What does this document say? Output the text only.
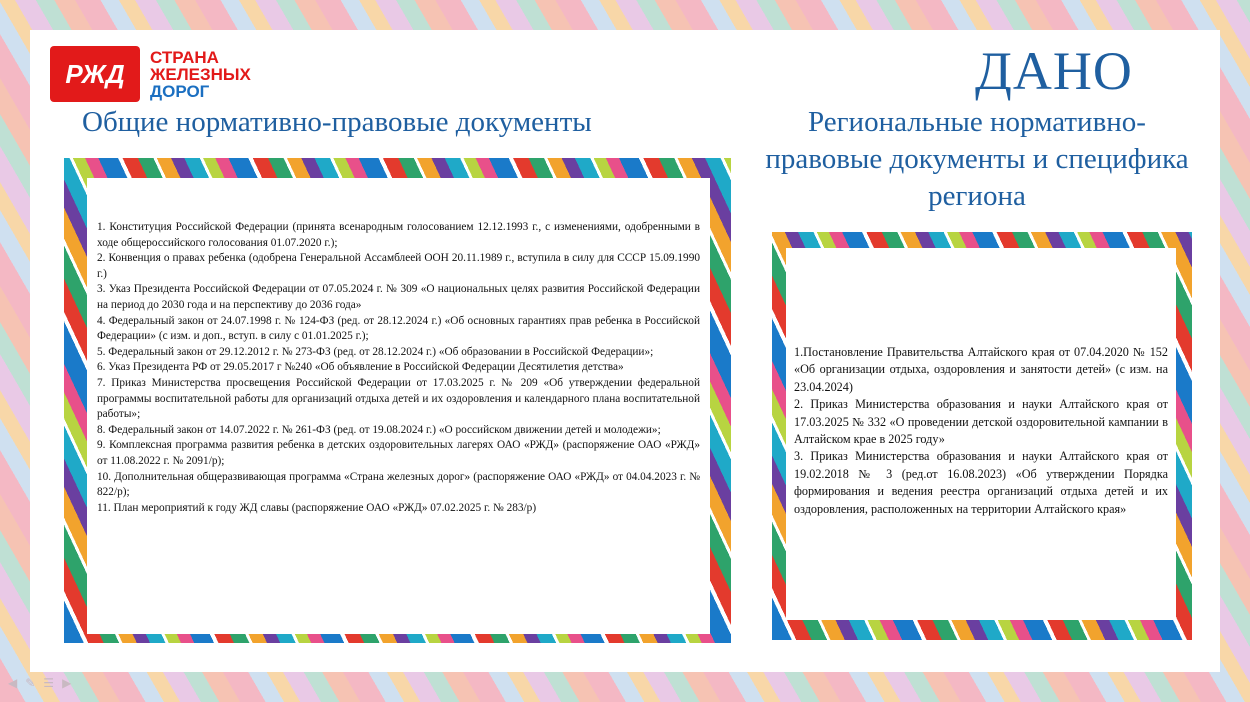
РЖД
СТРАНА
ЖЕЛЕЗНЫХ
ДОРОГ
Общие нормативно-правовые документы
ДАНО
Региональные нормативно-правовые документы и специфика региона
1. Конституция Российской Федерации (принята всенародным голосованием 12.12.1993 г., с изменениями, одобренными в ходе общероссийского голосования 01.07.2020 г.);
2. Конвенция о правах ребенка (одобрена Генеральной Ассамблеей ООН 20.11.1989 г., вступила в силу для СССР 15.09.1990 г.)
3. Указ Президента Российской Федерации от 07.05.2024 г. № 309 «О национальных целях развития Российской Федерации на период до 2030 года и на перспективу до 2036 года»
4. Федеральный закон от 24.07.1998 г. № 124-ФЗ (ред. от 28.12.2024 г.) «Об основных гарантиях прав ребенка в Российской Федерации» (с изм. и доп., вступ. в силу с 01.01.2025 г.);
5. Федеральный закон от 29.12.2012 г. № 273-ФЗ (ред. от 28.12.2024 г.) «Об образовании в Российской Федерации»;
6. Указ Президента РФ от 29.05.2017 г №240 «Об объявление в Российской Федерации Десятилетия детства»
7. Приказ Министерства просвещения Российской Федерации от 17.03.2025 г. № 209 «Об утверждении федеральной программы воспитательной работы для организаций отдыха детей и их оздоровления и календарного плана воспитательной работы»;
8. Федеральный закон от 14.07.2022 г. № 261-ФЗ (ред. от 19.08.2024 г.) «О российском движении детей и молодежи»;
9. Комплексная программа развития ребенка в детских оздоровительных лагерях ОАО «РЖД» (распоряжение ОАО «РЖД» от 11.08.2022 г. № 2091/р);
10. Дополнительная общеразвивающая программа «Страна железных дорог» (распоряжение ОАО «РЖД» от 04.04.2023 г. № 822/р);
11. План мероприятий к году ЖД славы (распоряжение ОАО «РЖД» 07.02.2025 г. № 283/р)
1.Постановление Правительства Алтайского края от 07.04.2020 № 152 «Об организации отдыха, оздоровления и занятости детей» (с изм. на 23.04.2024)
2. Приказ Министерства образования и науки Алтайского края от 17.03.2025 № 332 «О проведении детской оздоровительной кампании в Алтайском крае в 2025 году»
3. Приказ Министерства образования и науки Алтайского края от 19.02.2018 № 3 (ред.от 16.08.2023) «Об утверждении Порядка формирования и ведения реестра организаций отдыха детей и их оздоровления, расположенных на территории Алтайского края»
◀ ✎ ☰ ▶
